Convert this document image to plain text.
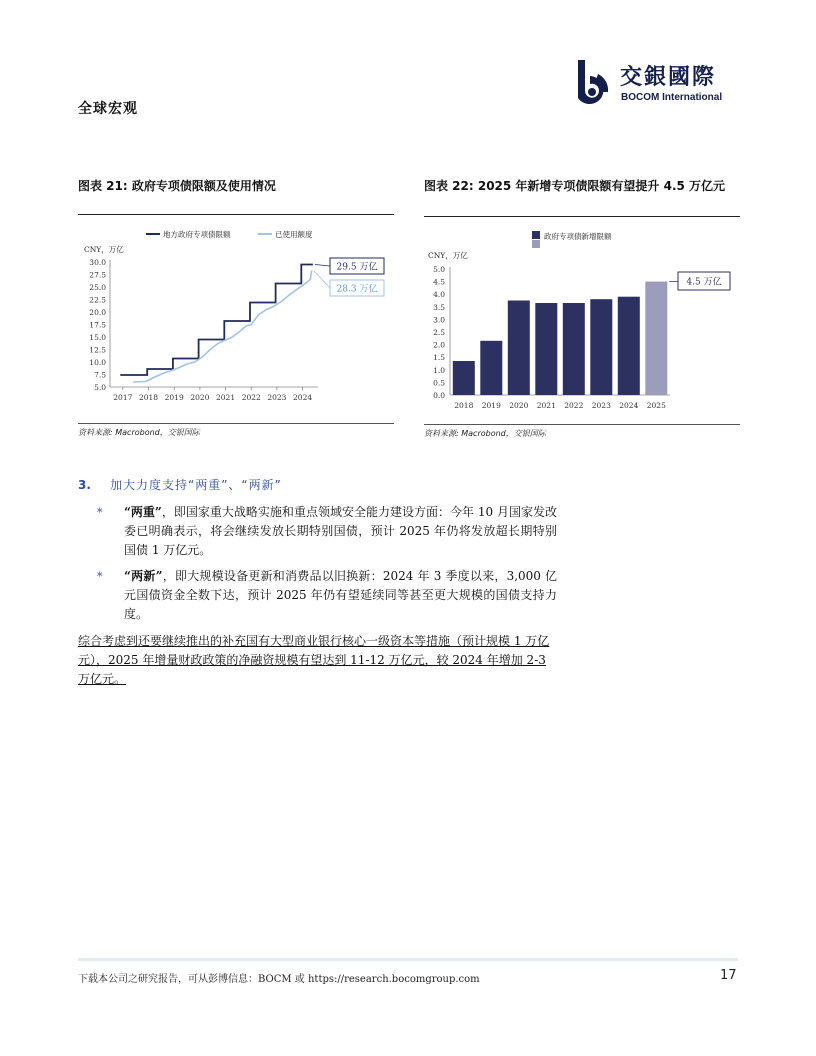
全球宏观
交銀國際
BOCOM International
图表 21: 政府专项债限额及使用情况
地方政府专项债限额	已使用额度
CNY，万亿
30.0
27.5
25.0
22.5
20.0
17.5
15.0
12.5
10.0
7.5
5.0
2017 2018 2019 2020 2021 2022 2023 2024
29.5 万亿
28.3 万亿
资料来源: Macrobond，交银国际
图表 22: 2025 年新增专项债限额有望提升 4.5 万亿元
政府专项债新增限额
CNY，万亿
5.0
4.5
4.0
3.5
3.0
2.5
2.0
1.5
1.0
0.5
0.0
2018 2019 2020 2021 2022 2023 2024 2025
4.5 万亿
资料来源: Macrobond，交银国际
3. 加大力度支持“两重”、“两新”
* “两重”，即国家重大战略实施和重点领域安全能力建设方面：今年 10 月国家发改委已明确表示，将会继续发放长期特别国债，预计 2025 年仍将发放超长期特别国债 1 万亿元。
* “两新”，即大规模设备更新和消费品以旧换新：2024 年 3 季度以来，3,000 亿元国债资金全数下达，预计 2025 年仍有望延续同等甚至更大规模的国债支持力度。
综合考虑到还要继续推出的补充国有大型商业银行核心一级资本等措施（预计规模 1 万亿元），2025 年增量财政政策的净融资规模有望达到 11-12 万亿元，较 2024 年增加 2-3 万亿元。
下载本公司之研究报告，可从彭博信息：BOCM 或 https://research.bocomgroup.com	17
